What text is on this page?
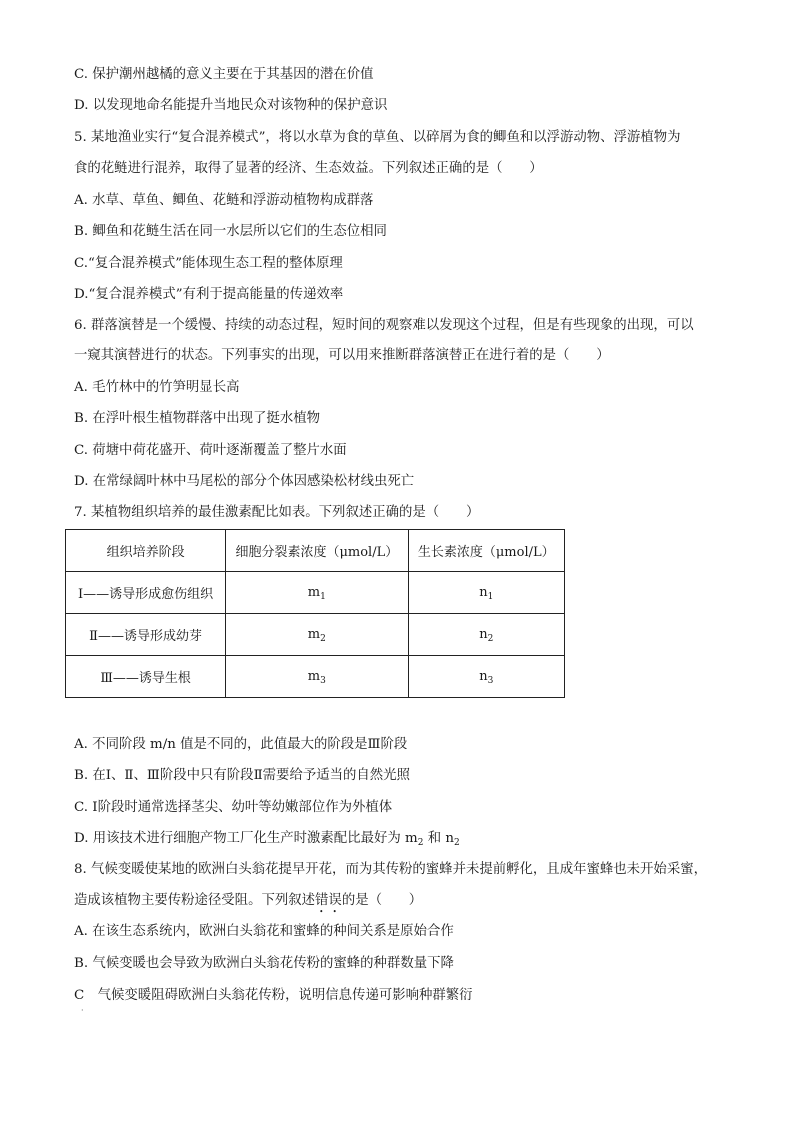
C. 保护潮州越橘的意义主要在于其基因的潜在价值
D. 以发现地命名能提升当地民众对该物种的保护意识
5. 某地渔业实行“复合混养模式”，将以水草为食的草鱼、以碎屑为食的鲫鱼和以浮游动物、浮游植物为
食的花鲢进行混养，取得了显著的经济、生态效益。下列叙述正确的是（　　）
A. 水草、草鱼、鲫鱼、花鲢和浮游动植物构成群落
B. 鲫鱼和花鲢生活在同一水层所以它们的生态位相同
C.“复合混养模式”能体现生态工程的整体原理
D.“复合混养模式”有利于提高能量的传递效率
6. 群落演替是一个缓慢、持续的动态过程，短时间的观察难以发现这个过程，但是有些现象的出现，可以
一窥其演替进行的状态。下列事实的出现，可以用来推断群落演替正在进行着的是（　　）
A. 毛竹林中的竹笋明显长高
B. 在浮叶根生植物群落中出现了挺水植物
C. 荷塘中荷花盛开、荷叶逐渐覆盖了整片水面
D. 在常绿阔叶林中马尾松的部分个体因感染松材线虫死亡
7. 某植物组织培养的最佳激素配比如表。下列叙述正确的是（　　）
组织培养阶段	细胞分裂素浓度（μmol/L）	生长素浓度（μmol/L）
Ⅰ——诱导形成愈伤组织	$m_1$	$n_1$
Ⅱ——诱导形成幼芽	$m_2$	$n_2$
Ⅲ——诱导生根	$m_3$	$n_3$
A. 不同阶段 m/n 值是不同的，此值最大的阶段是Ⅲ阶段
B. 在Ⅰ、Ⅱ、Ⅲ阶段中只有阶段Ⅱ需要给予适当的自然光照
C. Ⅰ阶段时通常选择茎尖、幼叶等幼嫩部位作为外植体
D. 用该技术进行细胞产物工厂化生产时激素配比最好为 $m_2$ 和 $n_2$
8. 气候变暖使某地的欧洲白头翁花提早开花，而为其传粉的蜜蜂并未提前孵化，且成年蜜蜂也未开始采蜜，
造成该植物主要传粉途径受阻。下列叙述错误的是（　　）
A. 在该生态系统内，欧洲白头翁花和蜜蜂的种间关系是原始合作
B. 气候变暖也会导致为欧洲白头翁花传粉的蜜蜂的种群数量下降
C　气候变暖阻碍欧洲白头翁花传粉，说明信息传递可影响种群繁衍
·
